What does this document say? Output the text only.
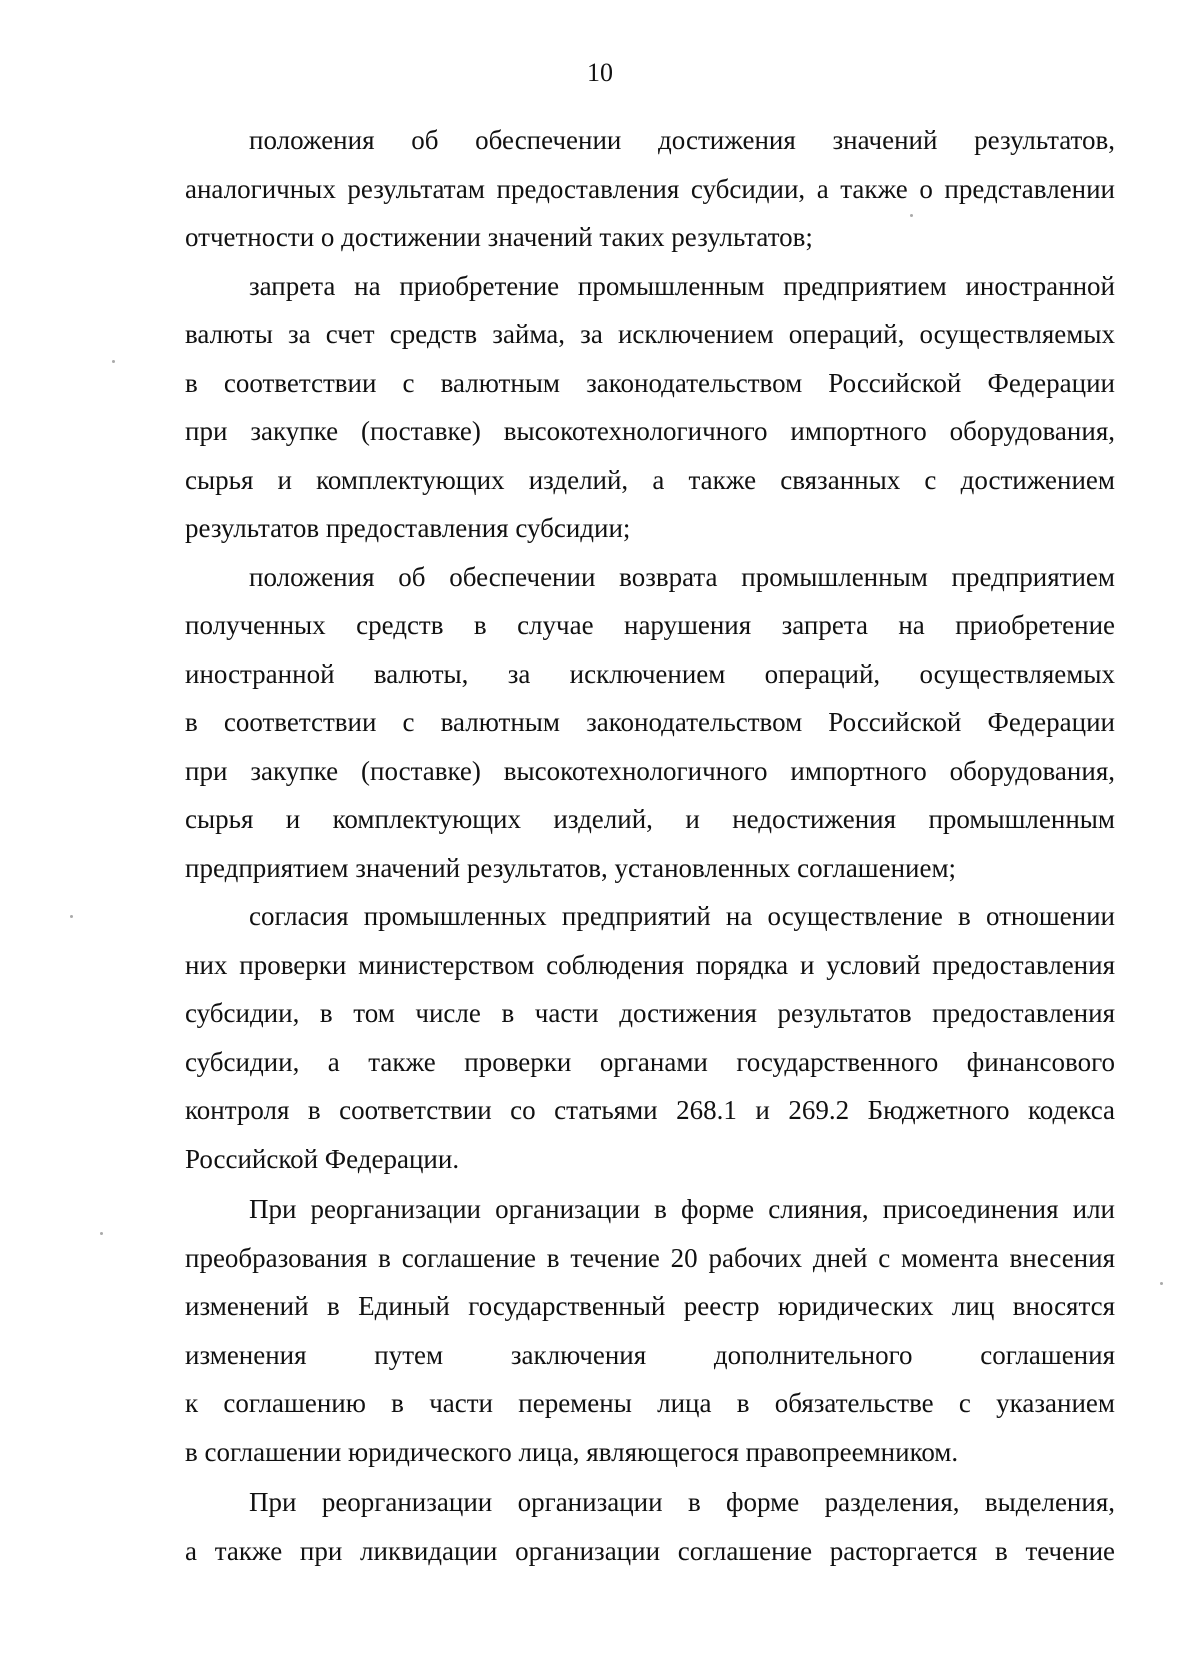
10
положения об обеспечении достижения значений результатов,
аналогичных результатам предоставления субсидии, а также о представлении
отчетности о достижении значений таких результатов;
запрета на приобретение промышленным предприятием иностранной
валюты за счет средств займа, за исключением операций, осуществляемых
в соответствии с валютным законодательством Российской Федерации
при закупке (поставке) высокотехнологичного импортного оборудования,
сырья и комплектующих изделий, а также связанных с достижением
результатов предоставления субсидии;
положения об обеспечении возврата промышленным предприятием
полученных средств в случае нарушения запрета на приобретение
иностранной валюты, за исключением операций, осуществляемых
в соответствии с валютным законодательством Российской Федерации
при закупке (поставке) высокотехнологичного импортного оборудования,
сырья и комплектующих изделий, и недостижения промышленным
предприятием значений результатов, установленных соглашением;
согласия промышленных предприятий на осуществление в отношении
них проверки министерством соблюдения порядка и условий предоставления
субсидии, в том числе в части достижения результатов предоставления
субсидии, а также проверки органами государственного финансового
контроля в соответствии со статьями 268.1 и 269.2 Бюджетного кодекса
Российской Федерации.
При реорганизации организации в форме слияния, присоединения или
преобразования в соглашение в течение 20 рабочих дней с момента внесения
изменений в Единый государственный реестр юридических лиц вносятся
изменения путем заключения дополнительного соглашения
к соглашению в части перемены лица в обязательстве с указанием
в соглашении юридического лица, являющегося правопреемником.
При реорганизации организации в форме разделения, выделения,
а также при ликвидации организации соглашение расторгается в течение
